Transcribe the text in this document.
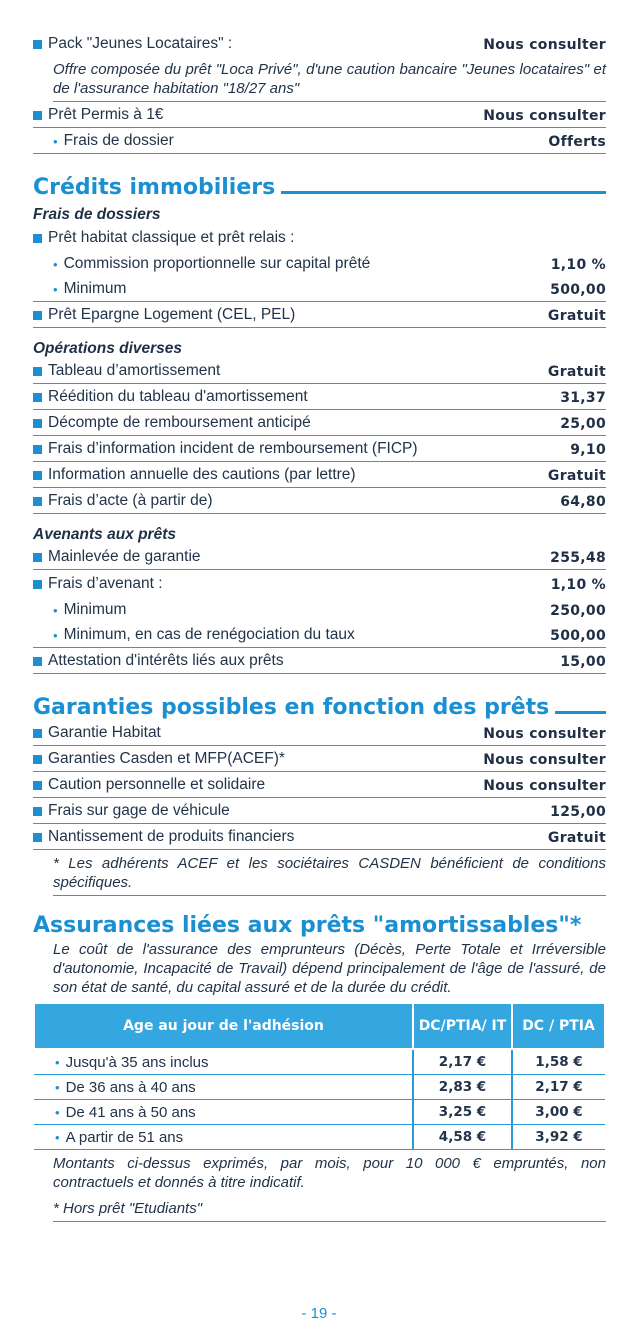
Pack "Jeunes Locataires" :	Nous consulter
Offre composée du prêt "Loca Privé", d'une caution bancaire "Jeunes locataires" et de l'assurance habitation "18/27 ans"
Prêt Permis à 1€	Nous consulter
• Frais de dossier	Offerts
Crédits immobiliers
Frais de dossiers
Prêt habitat classique et prêt relais :
• Commission proportionnelle sur capital prêté	1,10 %
• Minimum	500,00
Prêt Epargne Logement (CEL, PEL)	Gratuit
Opérations diverses
Tableau d’amortissement	Gratuit
Réédition du tableau d'amortissement	31,37
Décompte de remboursement anticipé	25,00
Frais d’information incident de remboursement (FICP)	9,10
Information annuelle des cautions (par lettre)	Gratuit
Frais d’acte (à partir de)	64,80
Avenants aux prêts
Mainlevée de garantie	255,48
Frais d’avenant :	1,10 %
• Minimum	250,00
• Minimum, en cas de renégociation du taux	500,00
Attestation d'intérêts liés aux prêts	15,00
Garanties possibles en fonction des prêts
Garantie Habitat	Nous consulter
Garanties Casden et MFP(ACEF)*	Nous consulter
Caution personnelle et solidaire	Nous consulter
Frais sur gage de véhicule	125,00
Nantissement de produits financiers	Gratuit
* Les adhérents ACEF et les sociétaires CASDEN bénéficient de conditions spécifiques.
Assurances liées aux prêts "amortissables"*
Le coût de l'assurance des emprunteurs (Décès, Perte Totale et Irréversible d'autonomie, Incapacité de Travail) dépend principalement de l'âge de l'assuré, de son état de santé, du capital assuré et de la durée du crédit.
Age au jour de l'adhésion	DC/PTIA/ IT	DC / PTIA
• Jusqu'à 35 ans inclus	2,17 €	1,58 €
• De 36 ans à 40 ans	2,83 €	2,17 €
• De 41 ans à 50 ans	3,25 €	3,00 €
• A partir de 51 ans	4,58 €	3,92 €
Montants ci-dessus exprimés, par mois, pour 10 000 € empruntés, non contractuels et donnés à titre indicatif.
* Hors prêt "Etudiants"
- 19 -
